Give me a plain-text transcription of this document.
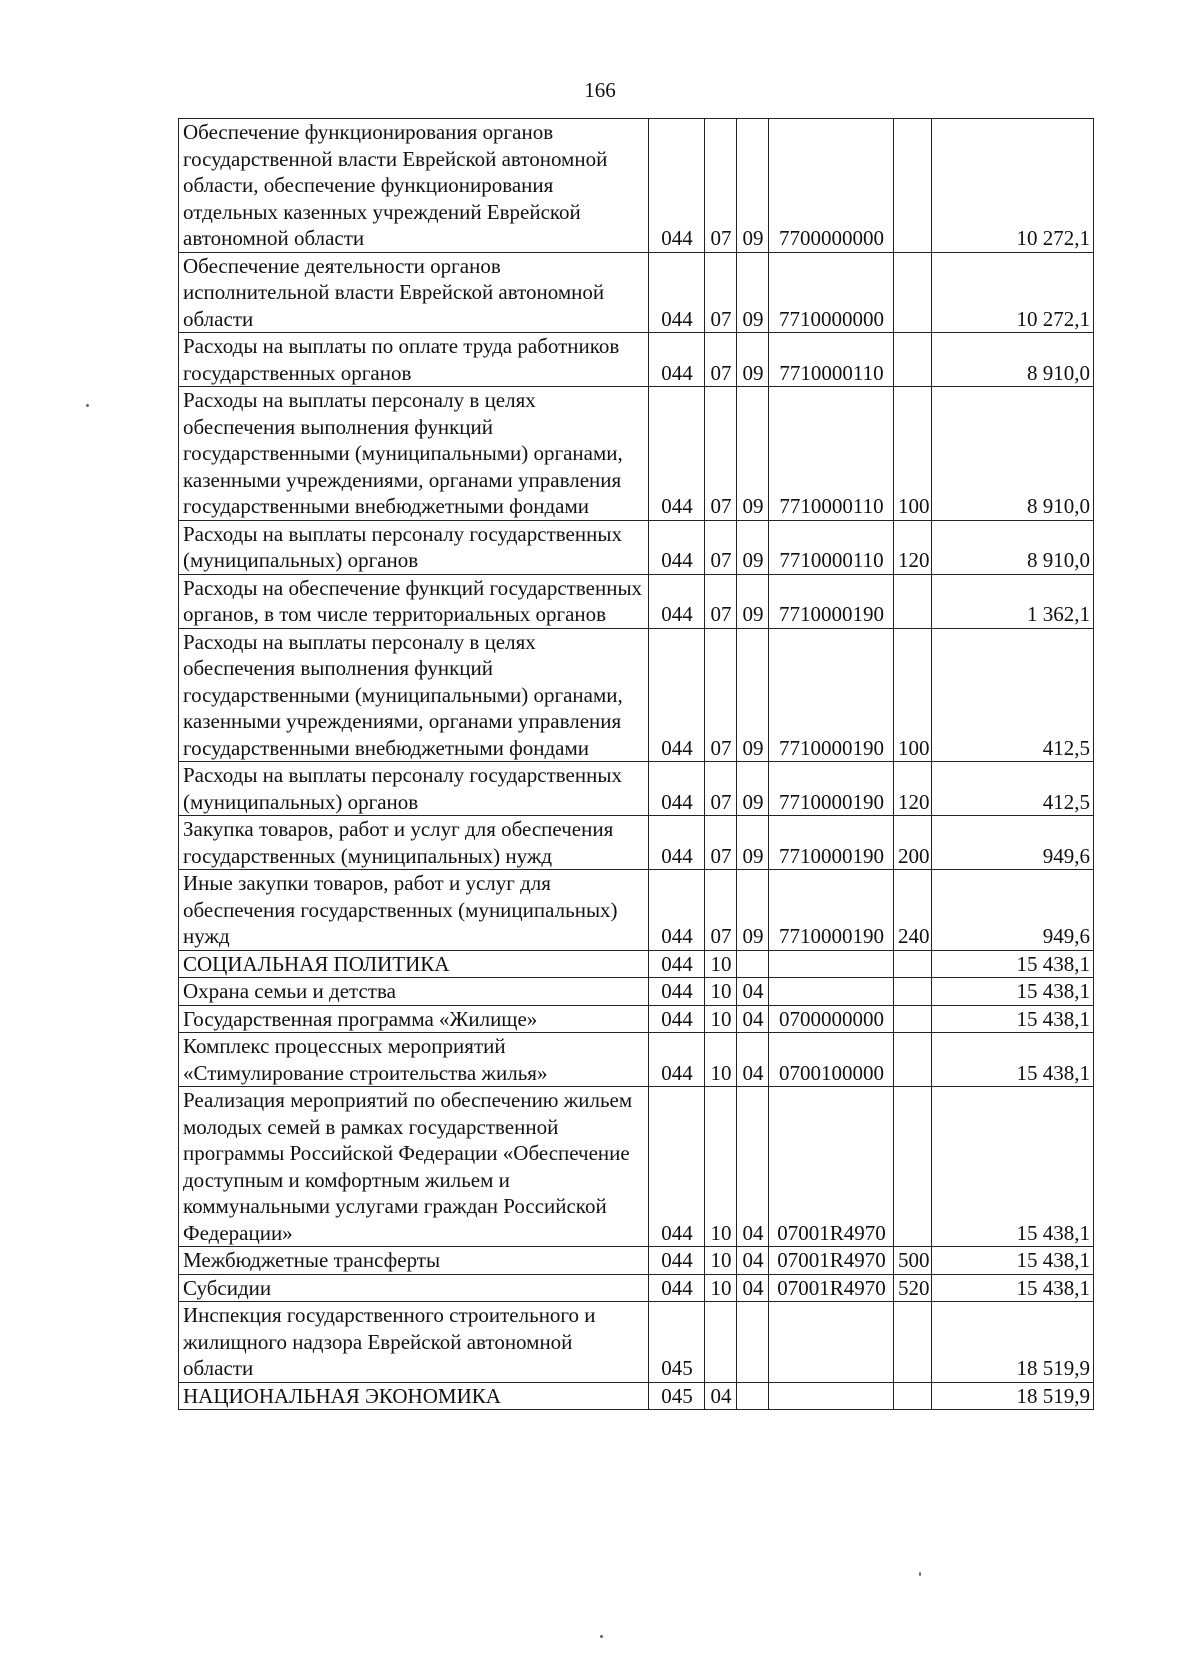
166
Обеспечение функционирования органов государственной власти Еврейской автономной области, обеспечение функционирования отдельных казенных учреждений Еврейской автономной области	044	07	09	7700000000		10 272,1
Обеспечение деятельности органов исполнительной власти Еврейской автономной области	044	07	09	7710000000		10 272,1
Расходы на выплаты по оплате труда работников государственных органов	044	07	09	7710000110		8 910,0
Расходы на выплаты персоналу в целях обеспечения выполнения функций государственными (муниципальными) органами, казенными учреждениями, органами управления государственными внебюджетными фондами	044	07	09	7710000110	100	8 910,0
Расходы на выплаты персоналу государственных (муниципальных) органов	044	07	09	7710000110	120	8 910,0
Расходы на обеспечение функций государственных органов, в том числе территориальных органов	044	07	09	7710000190		1 362,1
Расходы на выплаты персоналу в целях обеспечения выполнения функций государственными (муниципальными) органами, казенными учреждениями, органами управления государственными внебюджетными фондами	044	07	09	7710000190	100	412,5
Расходы на выплаты персоналу государственных (муниципальных) органов	044	07	09	7710000190	120	412,5
Закупка товаров, работ и услуг для обеспечения государственных (муниципальных) нужд	044	07	09	7710000190	200	949,6
Иные закупки товаров, работ и услуг для обеспечения государственных (муниципальных) нужд	044	07	09	7710000190	240	949,6
СОЦИАЛЬНАЯ ПОЛИТИКА	044	10				15 438,1
Охрана семьи и детства	044	10	04			15 438,1
Государственная программа «Жилище»	044	10	04	0700000000		15 438,1
Комплекс процессных мероприятий «Стимулирование строительства жилья»	044	10	04	0700100000		15 438,1
Реализация мероприятий по обеспечению жильем молодых семей в рамках государственной программы Российской Федерации «Обеспечение доступным и комфортным жильем и коммунальными услугами граждан Российской Федерации»	044	10	04	07001R4970		15 438,1
Межбюджетные трансферты	044	10	04	07001R4970	500	15 438,1
Субсидии	044	10	04	07001R4970	520	15 438,1
Инспекция государственного строительного и жилищного надзора Еврейской автономной области	045					18 519,9
НАЦИОНАЛЬНАЯ ЭКОНОМИКА	045	04				18 519,9
